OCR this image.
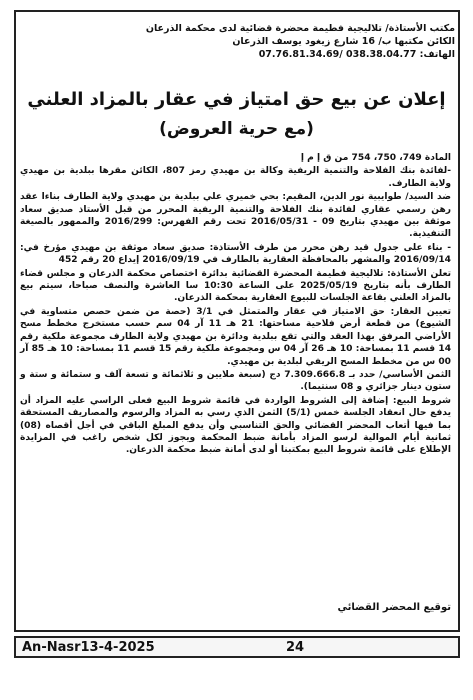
مكتب الأستاذة/ تلاليجية فطيمة محضرة قضائية لدى محكمة الذرعان
الكائن مكتبها ب/ 16 شارع زيغود يوسف الذرعان
الهاتف: 038.38.04.77 /07.76.81.34.69
إعلان عن بيع حق امتياز في عقار بالمزاد العلني
(مع حرية العروض)

المادة 749، 750، 754 من ق إ م إ

-لفائدة بنك الفلاحة والتنمية الريفية وكالة بن مهيدي رمز 807، الكائن مقرها ببلدية بن مهيدي ولاية الطارف.

ضد السيد/ طوايبية نور الدين، المقيم: بحي خميري علي ببلدية بن مهيدي ولاية الطارف بناءا عقد رهن رسمي عقاري لفائدة بنك الفلاحة والتنمية الريفية المحرر من قبل الأستاذ صديق سعاد موثقة بين مهيدي بتاريخ 09 - 2016/05/31 تحت رقم الفهرس: 2016/299 والممهور بالصيغة التنفيذية.

- بناء على جدول قيد رهن محرر من طرف الأستاذة: صديق سعاد موثقة بن مهيدي مؤرخ في: 2016/09/14 والمشهر بالمحافظة العقارية بالطارف في 2016/09/19 إيداع 20 رقم 452

تعلن الأستاذة: تلاليجية فطيمة المحضرة القضائية بدائرة اختصاص محكمة الذرعان و مجلس قضاء الطارف بأنه بتاريخ 2025/05/19 على الساعة 10:30 سا العاشرة والنصف صباحا، سيتم بيع بالمزاد العلني بقاعة الجلسات للبيوع العقارية بمحكمة الذرعان.

تعيين العقار: حق الامتياز في عقار والمتمثل في 3/1 (حصة من ضمن حصص متساوية في الشيوع) من قطعة أرض فلاحية مساحتها: 21 هـ 11 آر 04 سم حسب مستخرج مخطط مسح الأراضي المرفق بهذا العقد والتي تقع ببلدية ودائرة بن مهيدي ولاية الطارف مجموعة ملكية رقم 14 قسم 11 بمساحة: 10 هـ 26 آر 04 س ومجموعة ملكية رقم 15 قسم 11 بمساحة: 10 هـ 85 آر 00 س من مخطط المسح الريفي لبلدية بن مهيدي.

الثمن الأساسي/ حدد بـ 7.309.666.8 دج (سبعة ملايين و ثلاثمائة و تسعة آلف و ستمائة و ستة و ستون دينار جزائري و 08 سنتيما).

شروط البيع: إضافة إلى الشروط الواردة في قائمة شروط البيع فعلى الراسي عليه المزاد أن يدفع حال انعقاد الجلسة خمس (5/1) الثمن الذي رسي به المزاد والرسوم والمصاريف المستحقة بما فيها أتعاب المحضر القضائي والحق التناسبي وأن يدفع المبلغ الباقي في أجل أقصاه (08) ثمانية أيام الموالية لرسو المزاد بأمانة ضبط المحكمة ويجوز لكل شخص راغب في المزايدة الإطلاع على قائمة شروط البيع بمكتبنا أو لدى أمانة ضبط محكمة الذرعان.

توقيع المحضر القضائي
An-Nasr13-4-2025	24
